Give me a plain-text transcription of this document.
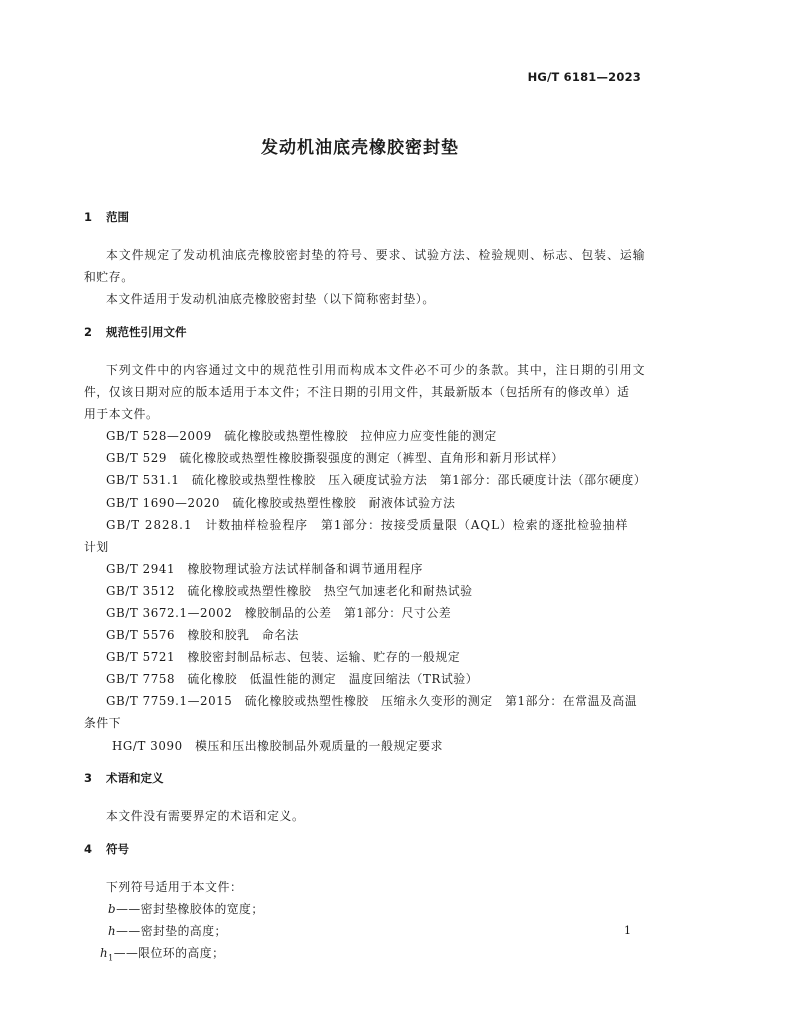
HG/T 6181—2023
发动机油底壳橡胶密封垫
1 范围
本文件规定了发动机油底壳橡胶密封垫的符号、要求、试验方法、检验规则、标志、包装、运输
和贮存。
本文件适用于发动机油底壳橡胶密封垫（以下简称密封垫）。
2 规范性引用文件
下列文件中的内容通过文中的规范性引用而构成本文件必不可少的条款。其中，注日期的引用文
件，仅该日期对应的版本适用于本文件；不注日期的引用文件，其最新版本（包括所有的修改单）适
用于本文件。
GB/T 528—2009　硫化橡胶或热塑性橡胶　拉伸应力应变性能的测定
GB/T 529　硫化橡胶或热塑性橡胶撕裂强度的测定（裤型、直角形和新月形试样）
GB/T 531.1　硫化橡胶或热塑性橡胶　压入硬度试验方法　第1部分：邵氏硬度计法（邵尔硬度）
GB/T 1690—2020　硫化橡胶或热塑性橡胶　耐液体试验方法
GB/T 2828.1　计数抽样检验程序　第1部分：按接受质量限（AQL）检索的逐批检验抽样
计划
GB/T 2941　橡胶物理试验方法试样制备和调节通用程序
GB/T 3512　硫化橡胶或热塑性橡胶　热空气加速老化和耐热试验
GB/T 3672.1—2002　橡胶制品的公差　第1部分：尺寸公差
GB/T 5576　橡胶和胶乳　命名法
GB/T 5721　橡胶密封制品标志、包装、运输、贮存的一般规定
GB/T 7758　硫化橡胶　低温性能的测定　温度回缩法（TR试验）
GB/T 7759.1—2015　硫化橡胶或热塑性橡胶　压缩永久变形的测定　第1部分：在常温及高温
条件下
HG/T 3090　模压和压出橡胶制品外观质量的一般规定要求
3 术语和定义
本文件没有需要界定的术语和定义。
4 符号
下列符号适用于本文件：
b——密封垫橡胶体的宽度；
h——密封垫的高度；
$h_1——$限位环的高度；
1
